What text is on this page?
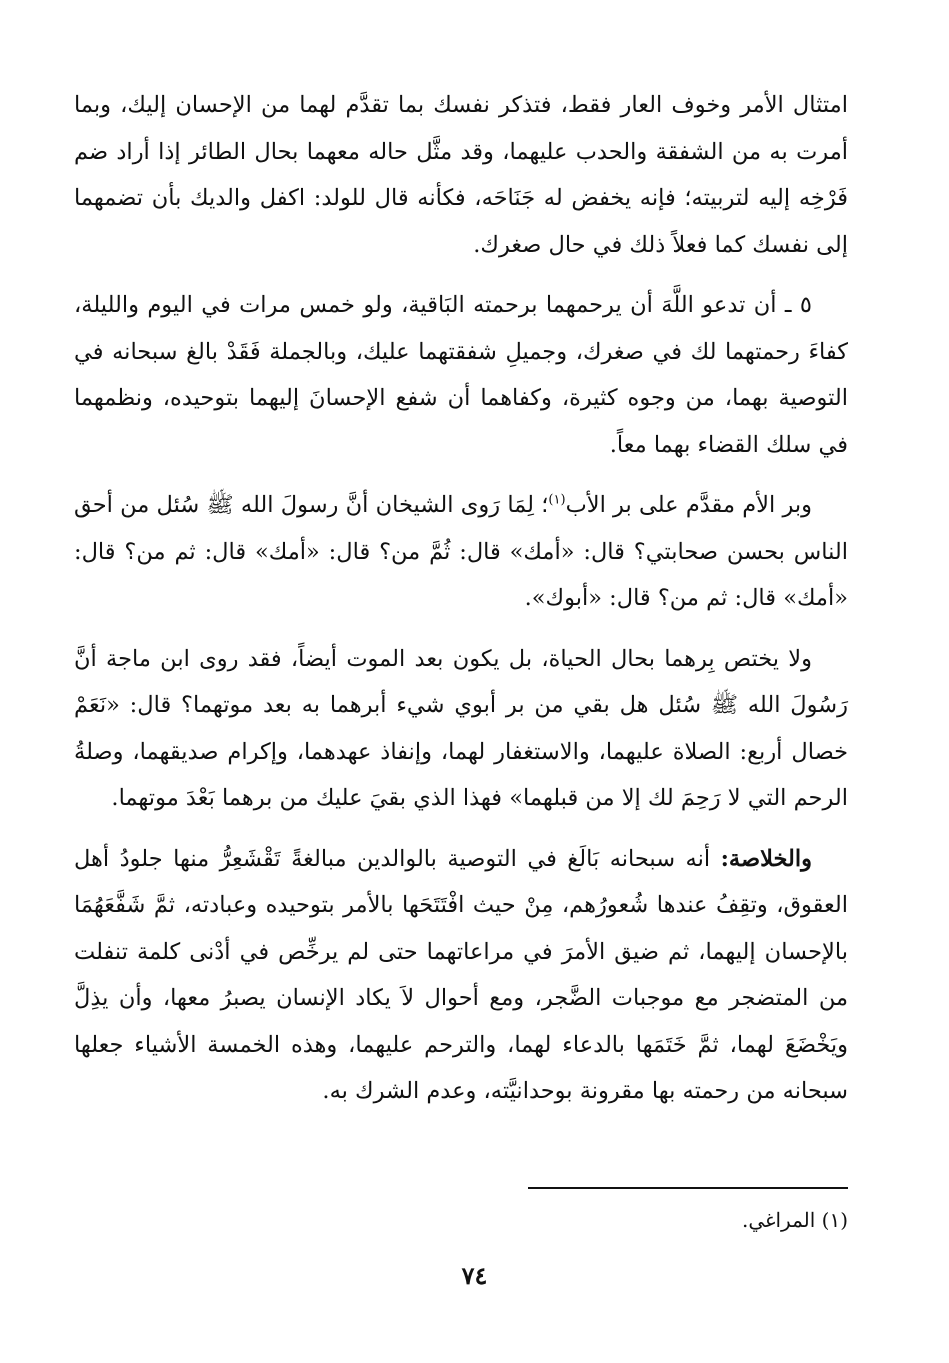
امتثال الأمر وخوف العار فقط، فتذكر نفسك بما تقدَّم لهما من الإحسان إليك، وبما أمرت به من الشفقة والحدب عليهما، وقد مثَّل حاله معهما بحال الطائر إذا أراد ضم فَرْخِه إليه لتربيته؛ فإنه يخفض له جَنَاحَه، فكأنه قال للولد: اكفل والديك بأن تضمهما إلى نفسك كما فعلاً ذلك في حال صغرك.

٥ ـ أن تدعو اللَّهَ أن يرحمهما برحمته البَاقية، ولو خمس مرات في اليوم والليلة، كفاءَ رحمتهما لك في صغرك، وجميلِ شفقتهما عليك، وبالجملة فَقَدْ بالغ سبحانه في التوصية بهما، من وجوه كثيرة، وكفاهما أن شفع الإحسانَ إليهما بتوحيده، ونظمهما في سلك القضاء بهما معاً.

وبر الأم مقدَّم على بر الأب$^{(١)}$؛ لِمَا رَوى الشيخان أنَّ رسولَ الله ﷺ سُئل من أحق الناس بحسن صحابتي؟ قال: «أمك» قال: ثُمَّ من؟ قال: «أمك» قال: ثم من؟ قال: «أمك» قال: ثم من؟ قال: «أبوك».

ولا يختص بِرهما بحال الحياة، بل يكون بعد الموت أيضاً، فقد روى ابن ماجة أنَّ رَسُولَ الله ﷺ سُئل هل بقي من بر أبوي شيء أبرهما به بعد موتهما؟ قال: «نَعَمْ خصال أربع: الصلاة عليهما، والاستغفار لهما، وإنفاذ عهدهما، وإكرام صديقهما، وصلةُ الرحم التي لا رَحِمَ لك إلا من قبلهما» فهذا الذي بقيَ عليك من برهما بَعْدَ موتهما.

والخلاصة: أنه سبحانه بَالَغ في التوصية بالوالدين مبالغةً تَقْشَعِرُّ منها جلودُ أهل العقوق، وتقِفُ عندها شُعورُهم، مِنْ حيث افْتَتَحَها بالأمر بتوحيده وعبادته، ثمَّ شَفَّعَهُمَا بالإحسان إليهما، ثم ضيق الأمرَ في مراعاتهما حتى لم يرخِّص في أدْنى كلمة تنفلت من المتضجر مع موجبات الضَّجر، ومع أحوال لاَ يكاد الإنسان يصبرُ معها، وأن يذِلَّ ويَخْضَعَ لهما، ثمَّ خَتَمَها بالدعاء لهما، والترحم عليهما، وهذه الخمسة الأشياء جعلها سبحانه من رحمته بها مقرونة بوحدانيَّته، وعدم الشرك به.

(١) المراغي.
٧٤
